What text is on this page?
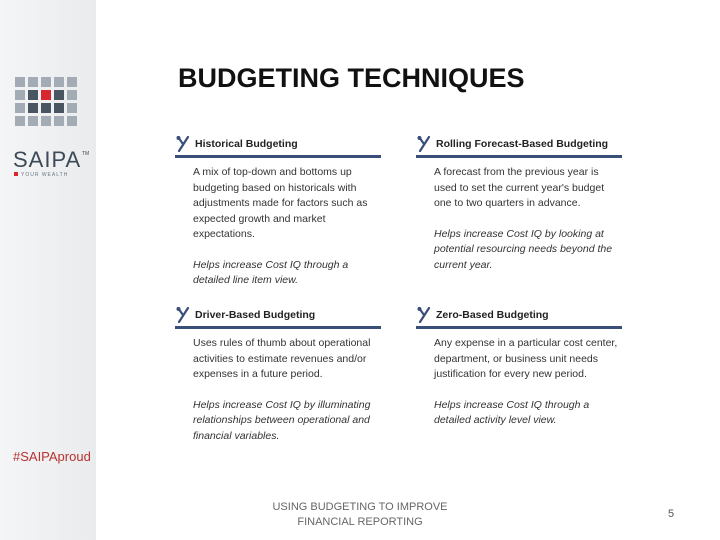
SAIPA TM
YOUR WEALTH
#SAIPAproud
BUDGETING TECHNIQUES
Historical Budgeting
A mix of top-down and bottoms up budgeting based on historicals with adjustments made for factors such as expected growth and market expectations.
Helps increase Cost IQ through a detailed line item view.
Rolling Forecast-Based Budgeting
A forecast from the previous year is used to set the current year's budget one to two quarters in advance.
Helps increase Cost IQ by looking at potential resourcing needs beyond the current year.
Driver-Based Budgeting
Uses rules of thumb about operational activities to estimate revenues and/or expenses in a future period.
Helps increase Cost IQ by illuminating relationships between operational and financial variables.
Zero-Based Budgeting
Any expense in a particular cost center, department, or business unit needs justification for every new period.
Helps increase Cost IQ through a detailed activity level view.
USING BUDGETING TO IMPROVE FINANCIAL REPORTING
5
